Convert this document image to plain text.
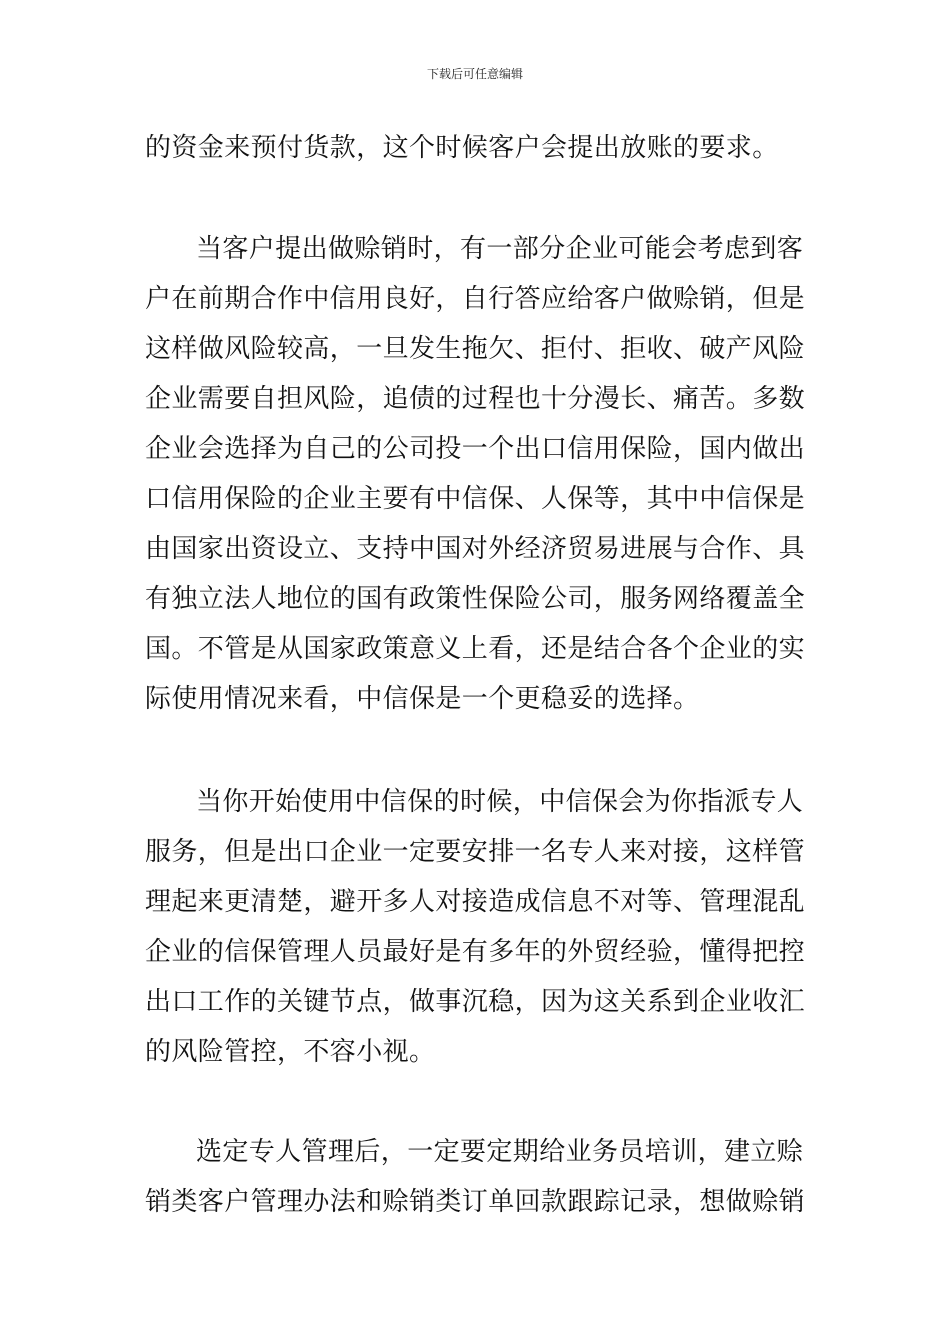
下载后可任意编辑
的资金来预付货款，这个时候客户会提出放账的要求。
当客户提出做赊销时，有一部分企业可能会考虑到客
户在前期合作中信用良好，自行答应给客户做赊销，但是
这样做风险较高，一旦发生拖欠、拒付、拒收、破产风险
企业需要自担风险，追债的过程也十分漫长、痛苦。多数
企业会选择为自己的公司投一个出口信用保险，国内做出
口信用保险的企业主要有中信保、人保等，其中中信保是
由国家出资设立、支持中国对外经济贸易进展与合作、具
有独立法人地位的国有政策性保险公司，服务网络覆盖全
国。不管是从国家政策意义上看，还是结合各个企业的实
际使用情况来看，中信保是一个更稳妥的选择。
当你开始使用中信保的时候，中信保会为你指派专人
服务，但是出口企业一定要安排一名专人来对接，这样管
理起来更清楚，避开多人对接造成信息不对等、管理混乱
企业的信保管理人员最好是有多年的外贸经验，懂得把控
出口工作的关键节点，做事沉稳，因为这关系到企业收汇
的风险管控，不容小视。
选定专人管理后，一定要定期给业务员培训，建立赊
销类客户管理办法和赊销类订单回款跟踪记录，想做赊销
